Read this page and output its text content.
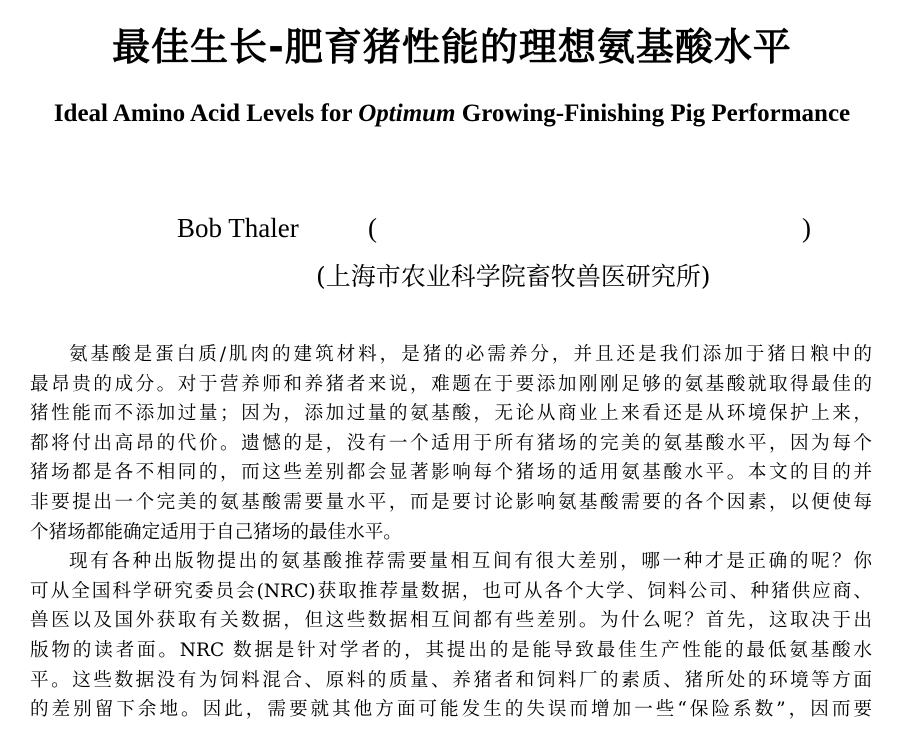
最佳生长-肥育猪性能的理想氨基酸水平
Ideal Amino Acid Levels for Optimum Growing-Finishing Pig Performance
Bob Thaler	(	)
(上海市农业科学院畜牧兽医研究所)
氨基酸是蛋白质/肌肉的建筑材料，是猪的必需养分，并且还是我们添加于猪日粮中的
最昂贵的成分。对于营养师和养猪者来说，难题在于要添加刚刚足够的氨基酸就取得最佳的
猪性能而不添加过量；因为，添加过量的氨基酸，无论从商业上来看还是从环境保护上来，
都将付出高昂的代价。遗憾的是，没有一个适用于所有猪场的完美的氨基酸水平，因为每个
猪场都是各不相同的，而这些差别都会显著影响每个猪场的适用氨基酸水平。本文的目的并
非要提出一个完美的氨基酸需要量水平，而是要讨论影响氨基酸需要的各个因素，以便使每
个猪场都能确定适用于自己猪场的最佳水平。
现有各种出版物提出的氨基酸推荐需要量相互间有很大差别，哪一种才是正确的呢？你
可从全国科学研究委员会(NRC)获取推荐量数据，也可从各个大学、饲料公司、种猪供应商、
兽医以及国外获取有关数据，但这些数据相互间都有些差别。为什么呢？首先，这取决于出
版物的读者面。NRC 数据是针对学者的，其提出的是能导致最佳生产性能的最低氨基酸水
平。这些数据没有为饲料混合、原料的质量、养猪者和饲料厂的素质、猪所处的环境等方面
的差别留下余地。因此，需要就其他方面可能发生的失误而增加一些“保险系数”，因而要
